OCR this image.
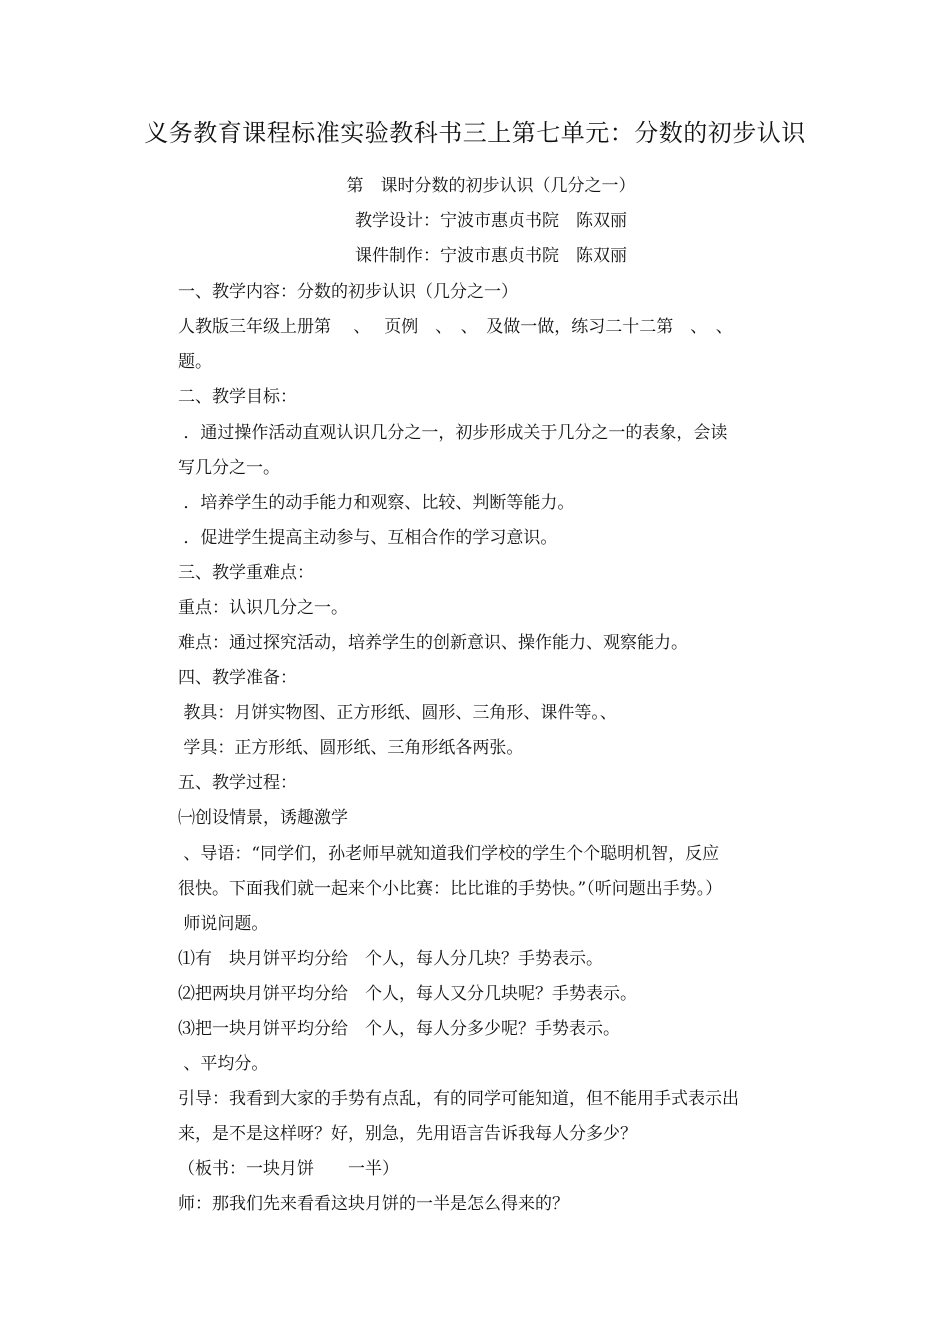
义务教育课程标准实验教科书三上第七单元：分数的初步认识
第　课时分数的初步认识（几分之一）
教学设计：宁波市惠贞书院　陈双丽
课件制作：宁波市惠贞书院　陈双丽
一、教学内容：分数的初步认识（几分之一）
人教版三年级上册第　 、　 页例　、　、　及做一做，练习二十二第　、　、
题。
二、教学目标：
．通过操作活动直观认识几分之一，初步形成关于几分之一的表象，会读
写几分之一。
．培养学生的动手能力和观察、比较、判断等能力。
．促进学生提高主动参与、互相合作的学习意识。
三、教学重难点：
重点：认识几分之一。
难点：通过探究活动，培养学生的创新意识、操作能力、观察能力。
四、教学准备：
教具：月饼实物图、正方形纸、圆形、三角形、课件等。、
学具：正方形纸、圆形纸、三角形纸各两张。
五、教学过程：
㈠创设情景，诱趣激学
、导语：“同学们，孙老师早就知道我们学校的学生个个聪明机智，反应
很快。下面我们就一起来个小比赛：比比谁的手势快。”（听问题出手势。）
师说问题。
⑴有　块月饼平均分给　个人，每人分几块？手势表示。
⑵把两块月饼平均分给　个人，每人又分几块呢？手势表示。
⑶把一块月饼平均分给　个人，每人分多少呢？手势表示。
、平均分。
引导：我看到大家的手势有点乱，有的同学可能知道，但不能用手式表示出
来，是不是这样呀？好，别急，先用语言告诉我每人分多少？
（板书：一块月饼　　一半）
师：那我们先来看看这块月饼的一半是怎么得来的？
